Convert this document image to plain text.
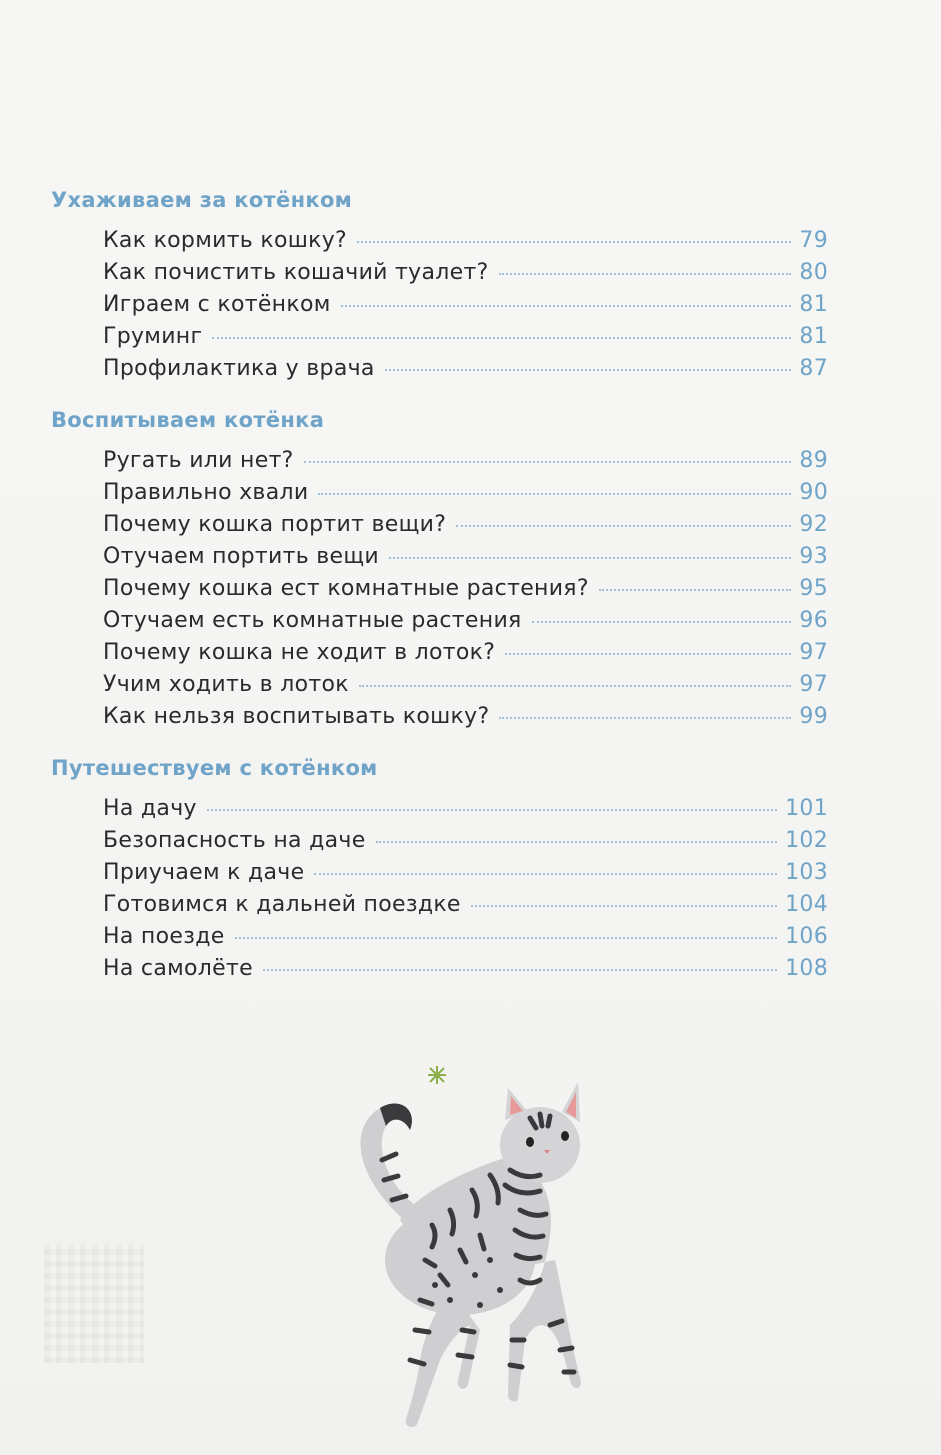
Ухаживаем за котёнком
Как кормить кошку?	79
Как почистить кошачий туалет?	80
Играем с котёнком	81
Груминг	81
Профилактика у врача	87
Воспитываем котёнка
Ругать или нет?	89
Правильно хвали	90
Почему кошка портит вещи?	92
Отучаем портить вещи	93
Почему кошка ест комнатные растения?	95
Отучаем есть комнатные растения	96
Почему кошка не ходит в лоток?	97
Учим ходить в лоток	97
Как нельзя воспитывать кошку?	99
Путешествуем с котёнком
На дачу	101
Безопасность на даче	102
Приучаем к даче	103
Готовимся к дальней поездке	104
На поезде	106
На самолёте	108
